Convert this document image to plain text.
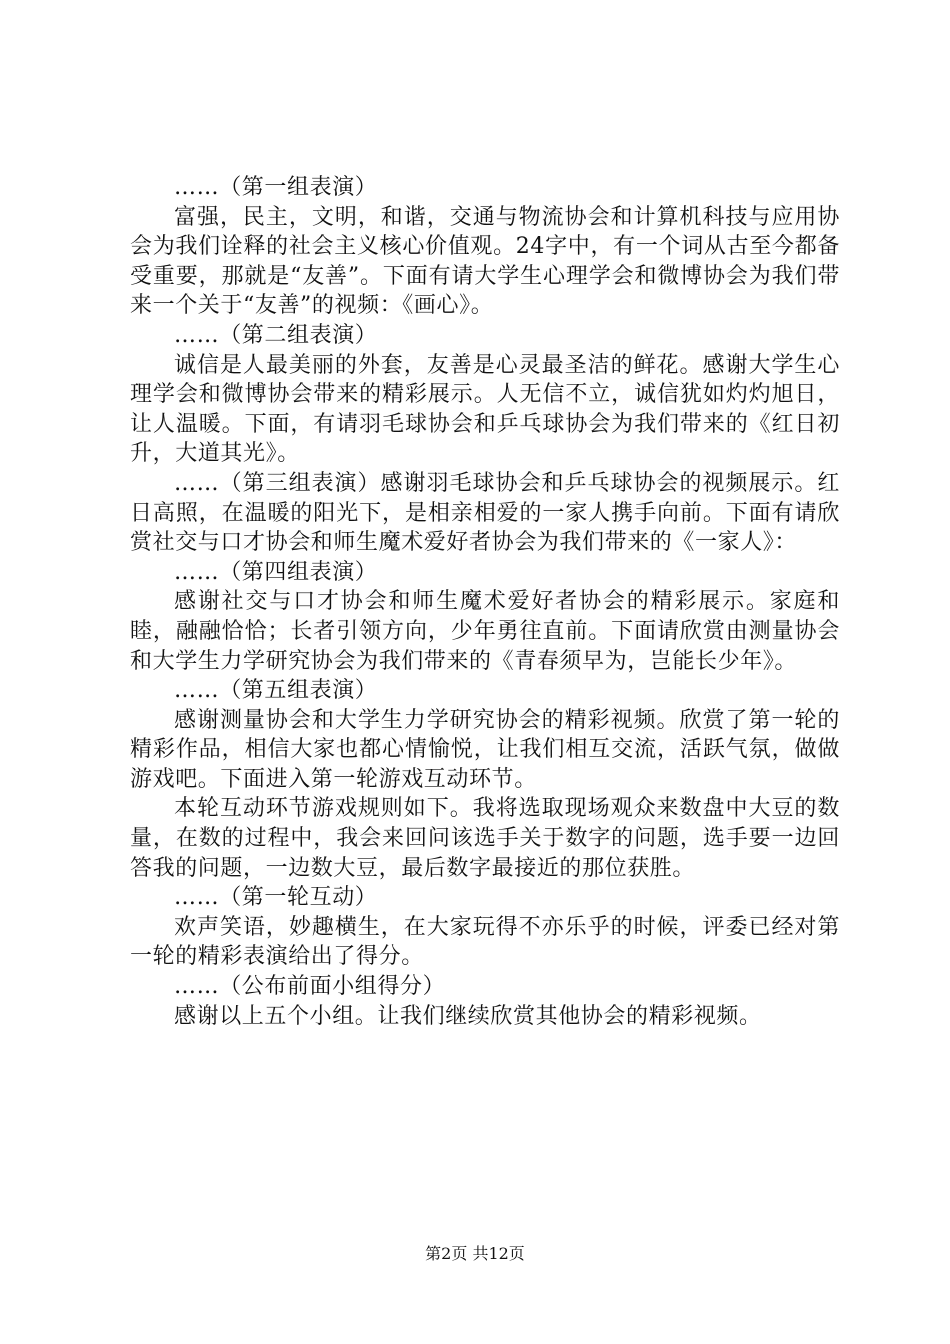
……（第一组表演）

富强，民主，文明，和谐，交通与物流协会和计算机科技与应用协会为我们诠释的社会主义核心价值观。24字中，有一个词从古至今都备受重要，那就是“友善”。下面有请大学生心理学会和微博协会为我们带来一个关于“友善”的视频：《画心》。

……（第二组表演）

诚信是人最美丽的外套，友善是心灵最圣洁的鲜花。感谢大学生心理学会和微博协会带来的精彩展示。人无信不立，诚信犹如灼灼旭日，让人温暖。下面，有请羽毛球协会和乒乓球协会为我们带来的《红日初升，大道其光》。

……（第三组表演）感谢羽毛球协会和乒乓球协会的视频展示。红日高照，在温暖的阳光下，是相亲相爱的一家人携手向前。下面有请欣赏社交与口才协会和师生魔术爱好者协会为我们带来的《一家人》：

……（第四组表演）

感谢社交与口才协会和师生魔术爱好者协会的精彩展示。家庭和睦，融融恰恰；长者引领方向，少年勇往直前。下面请欣赏由测量协会和大学生力学研究协会为我们带来的《青春须早为，岂能长少年》。

……（第五组表演）

感谢测量协会和大学生力学研究协会的精彩视频。欣赏了第一轮的精彩作品，相信大家也都心情愉悦，让我们相互交流，活跃气氛，做做游戏吧。下面进入第一轮游戏互动环节。

本轮互动环节游戏规则如下。我将选取现场观众来数盘中大豆的数量，在数的过程中，我会来回问该选手关于数字的问题，选手要一边回答我的问题，一边数大豆，最后数字最接近的那位获胜。

……（第一轮互动）

欢声笑语，妙趣横生，在大家玩得不亦乐乎的时候，评委已经对第一轮的精彩表演给出了得分。

……（公布前面小组得分）

感谢以上五个小组。让我们继续欣赏其他协会的精彩视频。

第2页 共12页
